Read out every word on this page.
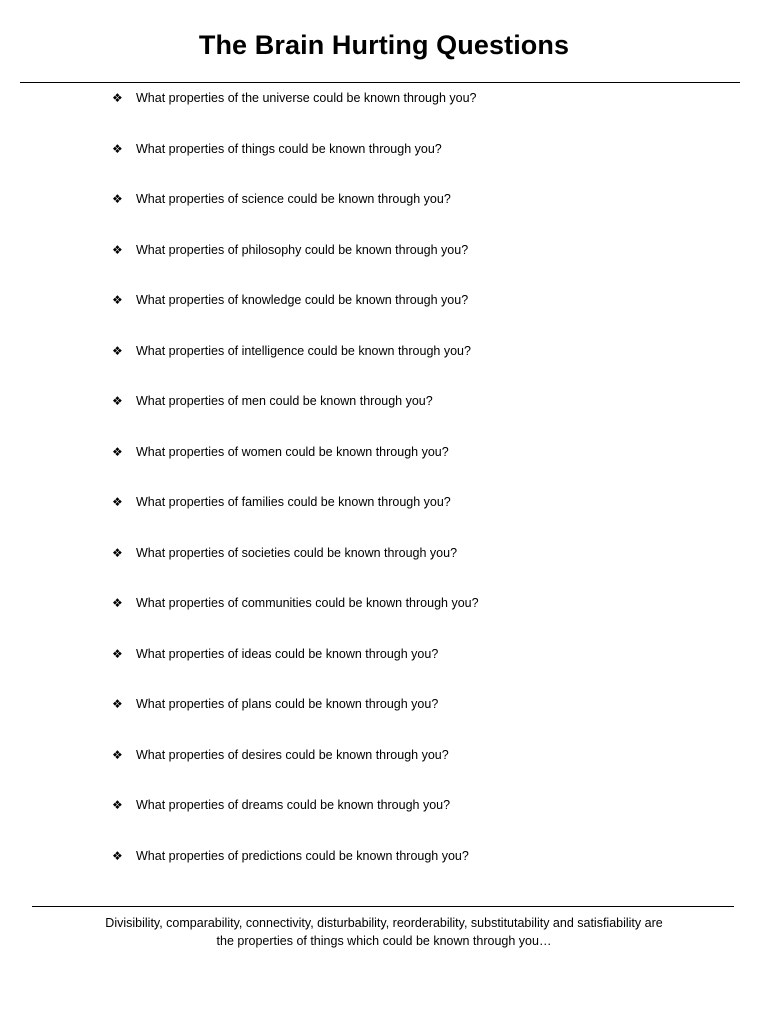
The Brain Hurting Questions
❖ What properties of the universe could be known through you?
❖ What properties of things could be known through you?
❖ What properties of science could be known through you?
❖ What properties of philosophy could be known through you?
❖ What properties of knowledge could be known through you?
❖ What properties of intelligence could be known through you?
❖ What properties of men could be known through you?
❖ What properties of women could be known through you?
❖ What properties of families could be known through you?
❖ What properties of societies could be known through you?
❖ What properties of communities could be known through you?
❖ What properties of ideas could be known through you?
❖ What properties of plans could be known through you?
❖ What properties of desires could be known through you?
❖ What properties of dreams could be known through you?
❖ What properties of predictions could be known through you?
Divisibility, comparability, connectivity, disturbability, reorderability, substitutability and satisfiability are
the properties of things which could be known through you…
